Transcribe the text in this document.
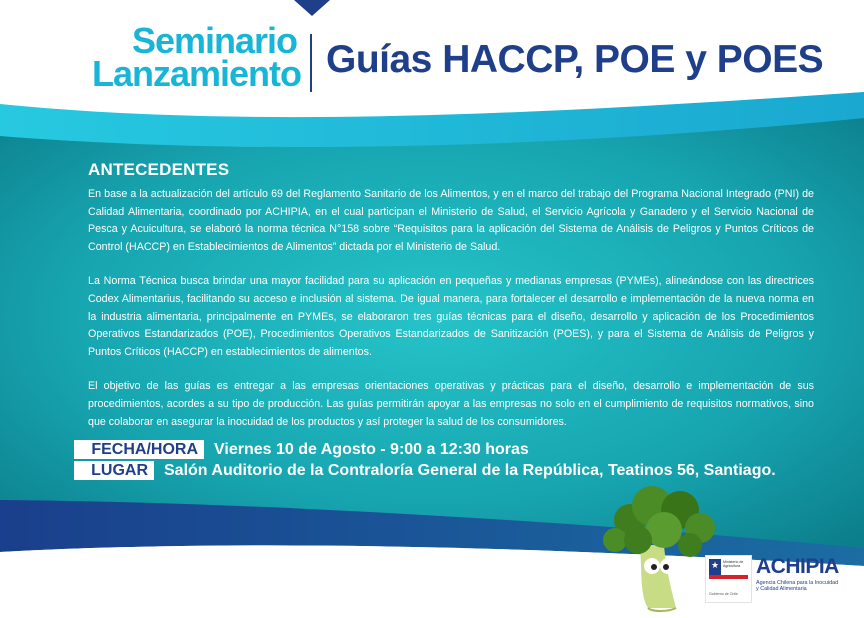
Seminario
Lanzamiento Guías HACCP, POE y POES
ANTECEDENTES

En base a la actualización del artículo 69 del Reglamento Sanitario de los Alimentos, y en el marco del trabajo del Programa Nacional Integrado (PNI) de Calidad Alimentaria, coordinado por ACHIPIA, en el cual participan el Ministerio de Salud, el Servicio Agrícola y Ganadero y el Servicio Nacional de Pesca y Acuicultura, se elaboró la norma técnica N°158 sobre “Requisitos para la aplicación del Sistema de Análisis de Peligros y Puntos Críticos de Control (HACCP) en Establecimientos de Alimentos” dictada por el Ministerio de Salud.

La Norma Técnica busca brindar una mayor facilidad para su aplicación en pequeñas y medianas empresas (PYMEs), alineándose con las directrices Codex Alimentarius, facilitando su acceso e inclusión al sistema. De igual manera, para fortalecer el desarrollo e implementación de la nueva norma en la industria alimentaria, principalmente en PYMEs, se elaboraron tres guías técnicas para el diseño, desarrollo y aplicación de los Procedimientos Operativos Estandarizados (POE), Procedimientos Operativos Estandarizados de Sanitización (POES), y para el Sistema de Análisis de Peligros y Puntos Críticos (HACCP) en establecimientos de alimentos.

El objetivo de las guías es entregar a las empresas orientaciones operativas y prácticas para el diseño, desarrollo e implementación de sus procedimientos, acordes a su tipo de producción. Las guías permitirán apoyar a las empresas no solo en el cumplimiento de requisitos normativos, sino que colaborar en asegurar la inocuidad de los productos y así proteger la salud de los consumidores.

FECHA/HORA	Viernes 10 de Agosto - 9:00 a 12:30 horas
LUGAR	Salón Auditorio de la Contraloría General de la República, Teatinos 56, Santiago.
★ Ministerio de Agricultura
Gobierno de Chile
ACHIPIA
Agencia Chilena para la Inocuidad
y Calidad Alimentaria
